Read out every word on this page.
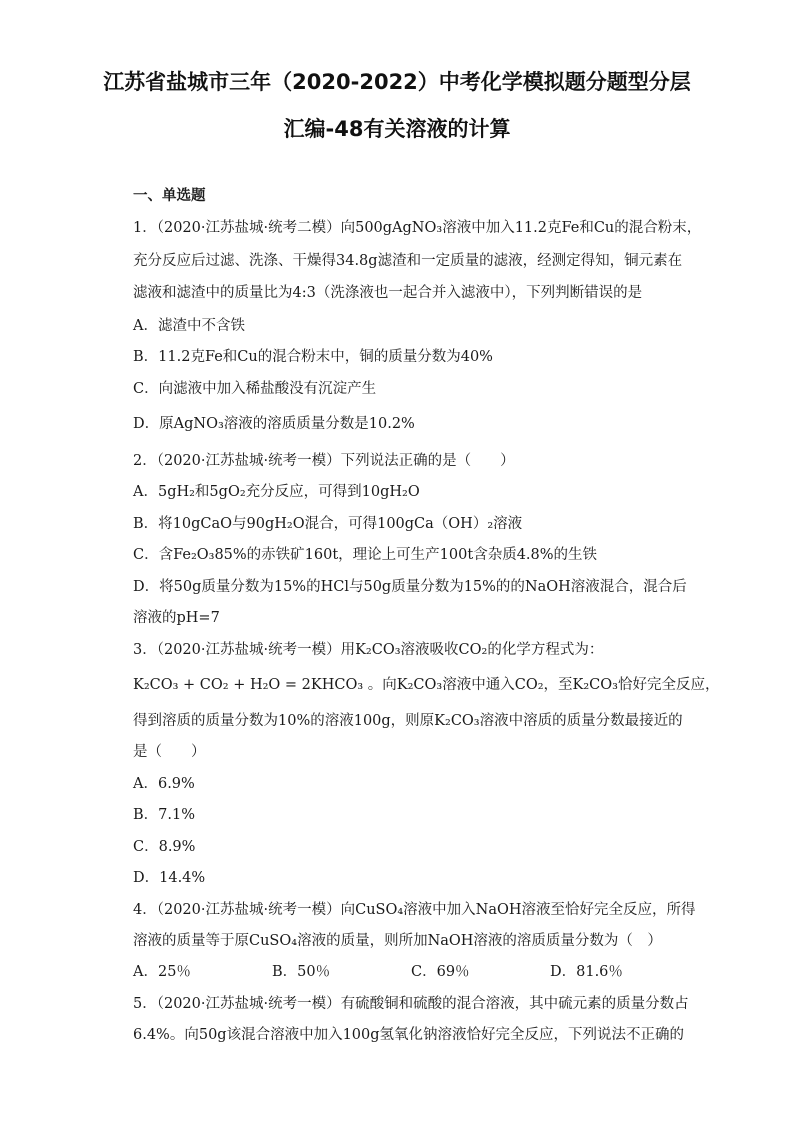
江苏省盐城市三年（2020-2022）中考化学模拟题分题型分层
汇编-48有关溶液的计算
一、单选题
1．（2020·江苏盐城·统考二模）向500gAgNO₃溶液中加入11.2克Fe和Cu的混合粉末，
充分反应后过滤、洗涤、干燥得34.8g滤渣和一定质量的滤液，经测定得知，铜元素在
滤液和滤渣中的质量比为4:3（洗涤液也一起合并入滤液中），下列判断错误的是
A．滤渣中不含铁
B．11.2克Fe和Cu的混合粉末中，铜的质量分数为40%
C．向滤液中加入稀盐酸没有沉淀产生
D．原AgNO₃溶液的溶质质量分数是10.2%
2．（2020·江苏盐城·统考一模）下列说法正确的是（　　）
A．5gH₂和5gO₂充分反应，可得到10gH₂O
B．将10gCaO与90gH₂O混合，可得100gCa（OH）₂溶液
C．含Fe₂O₃85%的赤铁矿160t，理论上可生产100t含杂质4.8%的生铁
D．将50g质量分数为15%的HCl与50g质量分数为15%的的NaOH溶液混合，混合后
溶液的pH=7
3．（2020·江苏盐城·统考一模）用K₂CO₃溶液吸收CO₂的化学方程式为：
K₂CO₃ + CO₂ + H₂O = 2KHCO₃ 。向K₂CO₃溶液中通入CO₂，至K₂CO₃恰好完全反应，
得到溶质的质量分数为10%的溶液100g，则原K₂CO₃溶液中溶质的质量分数最接近的
是（　　）
A．6.9%
B．7.1%
C．8.9%
D．14.4%
4．（2020·江苏盐城·统考一模）向CuSO₄溶液中加入NaOH溶液至恰好完全反应，所得
溶液的质量等于原CuSO₄溶液的质量，则所加NaOH溶液的溶质质量分数为（　）
A．25％	B．50％	C．69％	D．81.6％
5．（2020·江苏盐城·统考一模）有硫酸铜和硫酸的混合溶液，其中硫元素的质量分数占
6.4%。向50g该混合溶液中加入100g氢氧化钠溶液恰好完全反应，下列说法不正确的
